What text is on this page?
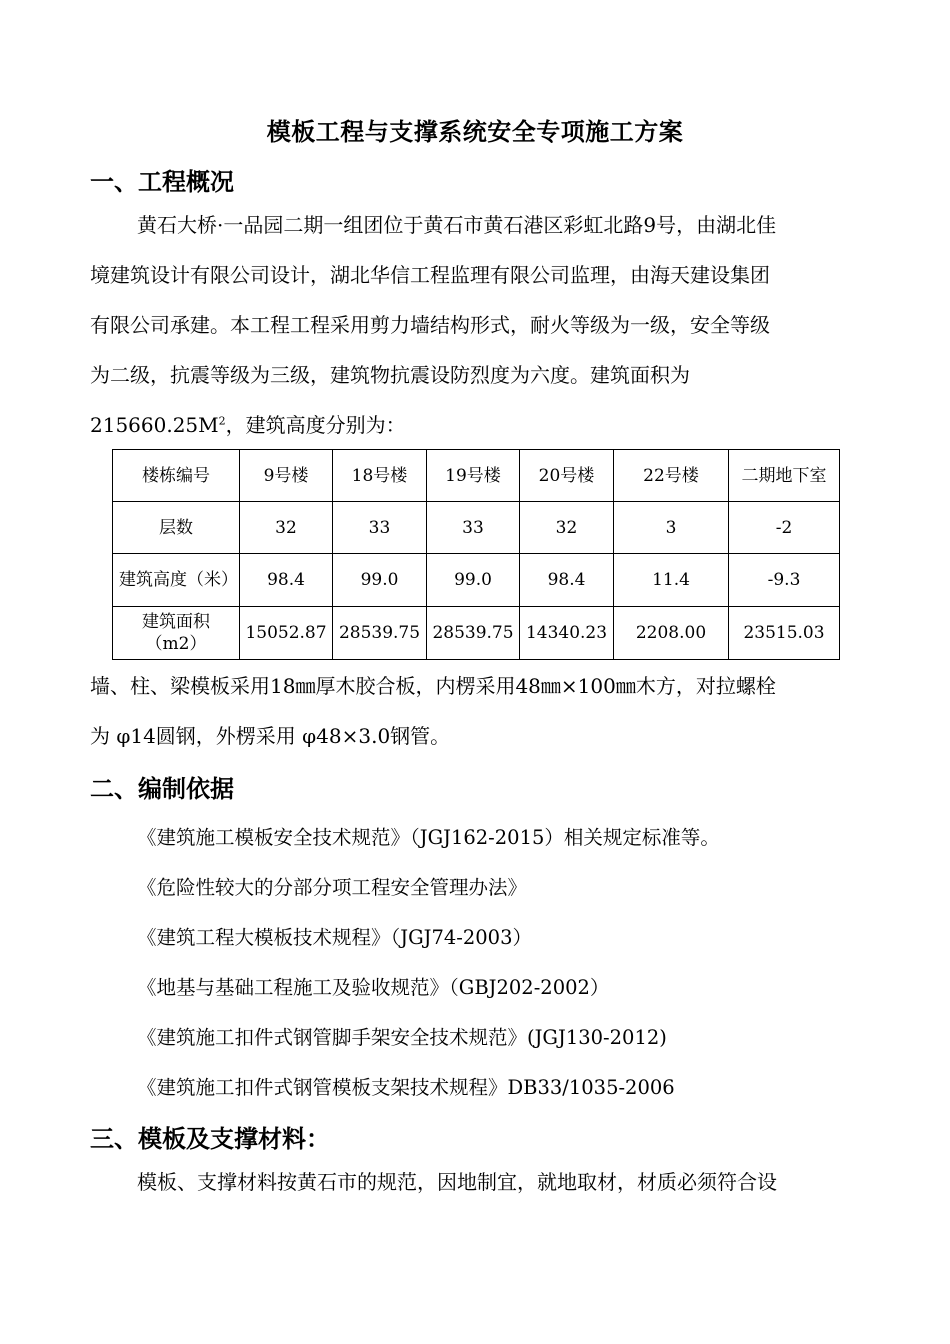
模板工程与支撑系统安全专项施工方案
一、工程概况
黄石大桥·一品园二期一组团位于黄石市黄石港区彩虹北路9号，由湖北佳
境建筑设计有限公司设计，湖北华信工程监理有限公司监理，由海天建设集团
有限公司承建。本工程工程采用剪力墙结构形式，耐火等级为一级，安全等级
为二级，抗震等级为三级，建筑物抗震设防烈度为六度。建筑面积为
$215660.25M^2$，建筑高度分别为：
楼栋编号	9号楼	18号楼	19号楼	20号楼	22号楼	二期地下室
层数	32	33	33	32	3	-2
建筑高度（米）	98.4	99.0	99.0	98.4	11.4	-9.3
建筑面积（m2）	15052.87	28539.75	28539.75	14340.23	2208.00	23515.03
墙、柱、梁模板采用18㎜厚木胶合板，内楞采用48㎜×100㎜木方，对拉螺栓
为 φ14圆钢，外楞采用 φ48×3.0钢管。
二、编制依据
《建筑施工模板安全技术规范》（JGJ162-2015）相关规定标准等。
《危险性较大的分部分项工程安全管理办法》
《建筑工程大模板技术规程》（JGJ74-2003）
《地基与基础工程施工及验收规范》（GBJ202-2002）
《建筑施工扣件式钢管脚手架安全技术规范》(JGJ130-2012)
《建筑施工扣件式钢管模板支架技术规程》DB33/1035-2006
三、模板及支撑材料：
模板、支撑材料按黄石市的规范，因地制宜，就地取材，材质必须符合设
